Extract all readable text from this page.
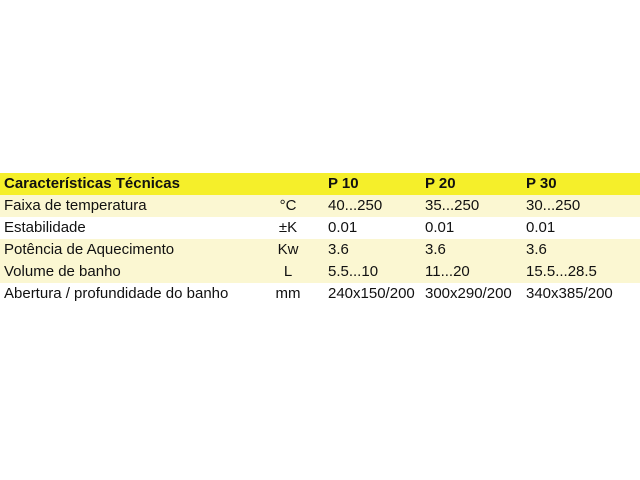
Características Técnicas		P 10	P 20	P 30
Faixa de temperatura	°C	40...250	35...250	30...250
Estabilidade	±K	0.01	0.01	0.01
Potência de Aquecimento	Kw	3.6	3.6	3.6
Volume de banho	L	5.5...10	11...20	15.5...28.5
Abertura / profundidade do banho	mm	240x150/200	300x290/200	340x385/200
